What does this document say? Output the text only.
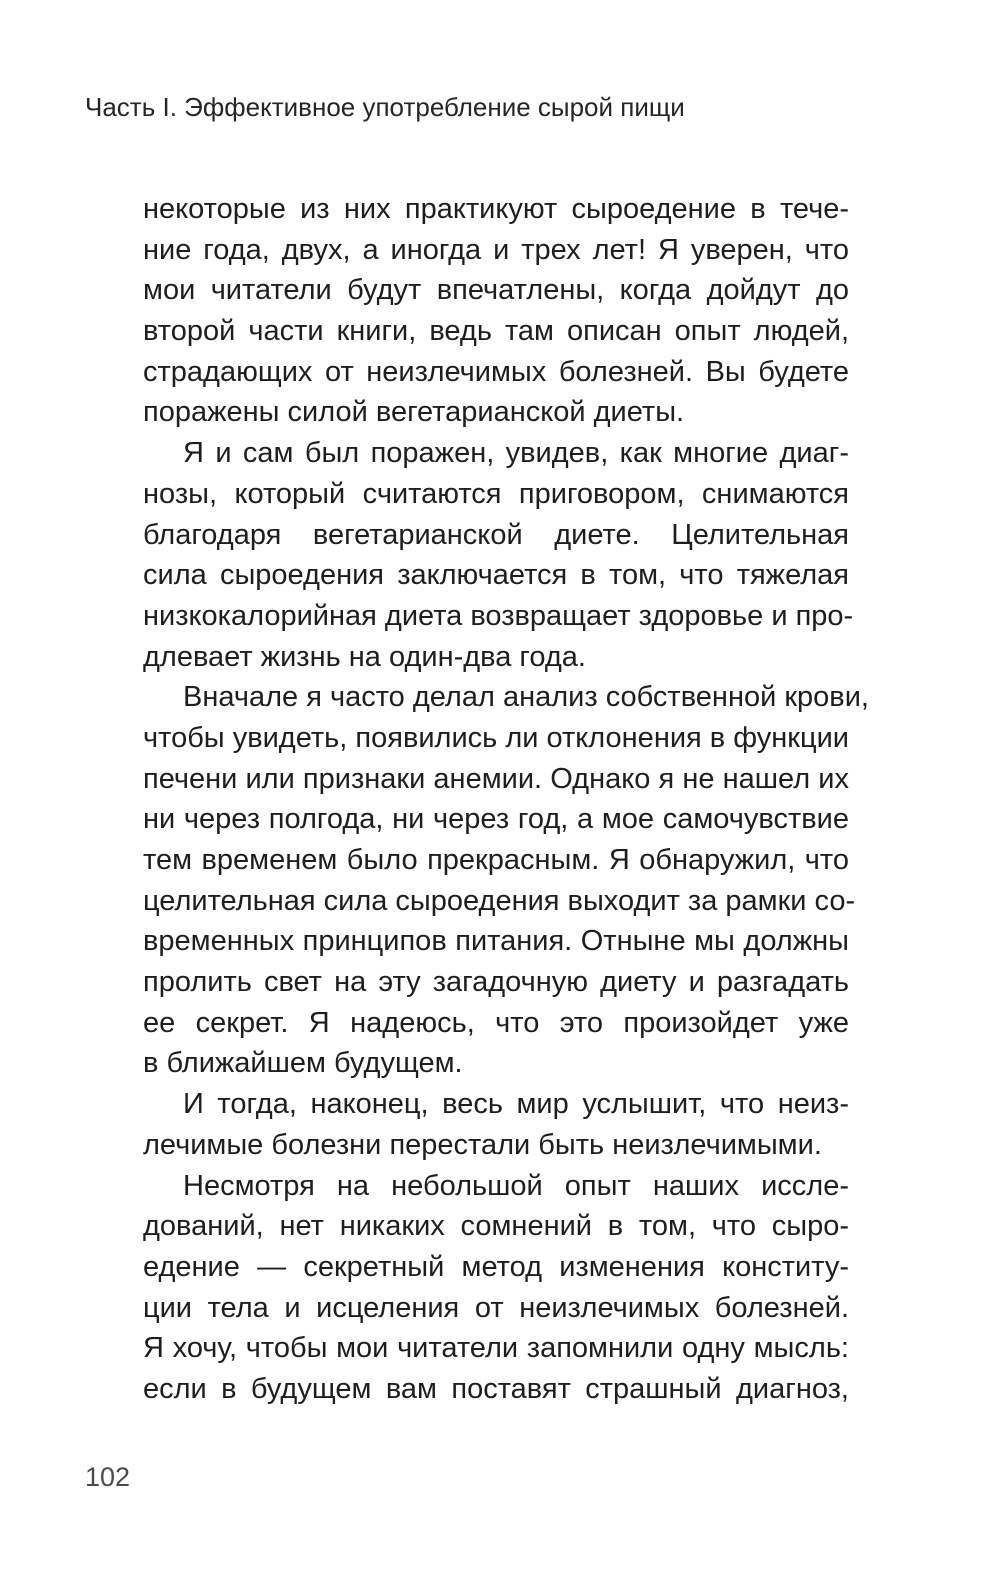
Часть I. Эффективное употребление сырой пищи
некоторые из них практикуют сыроедение в тече-
ние года, двух, а иногда и трех лет! Я уверен, что
мои читатели будут впечатлены, когда дойдут до
второй части книги, ведь там описан опыт людей,
страдающих от неизлечимых болезней. Вы будете
поражены силой вегетарианской диеты.
Я и сам был поражен, увидев, как многие диаг-
нозы, который считаются приговором, снимаются
благодаря вегетарианской диете. Целительная
сила сыроедения заключается в том, что тяжелая
низкокалорийная диета возвращает здоровье и про-
длевает жизнь на один-два года.
Вначале я часто делал анализ собственной крови,
чтобы увидеть, появились ли отклонения в функции
печени или признаки анемии. Однако я не нашел их
ни через полгода, ни через год, а мое самочувствие
тем временем было прекрасным. Я обнаружил, что
целительная сила сыроедения выходит за рамки со-
временных принципов питания. Отныне мы должны
пролить свет на эту загадочную диету и разгадать
ее секрет. Я надеюсь, что это произойдет уже
в ближайшем будущем.
И тогда, наконец, весь мир услышит, что неиз-
лечимые болезни перестали быть неизлечимыми.
Несмотря на небольшой опыт наших иссле-
дований, нет никаких сомнений в том, что сыро-
едение — секретный метод изменения конститу-
ции тела и исцеления от неизлечимых болезней.
Я хочу, чтобы мои читатели запомнили одну мысль:
если в будущем вам поставят страшный диагноз,
102
